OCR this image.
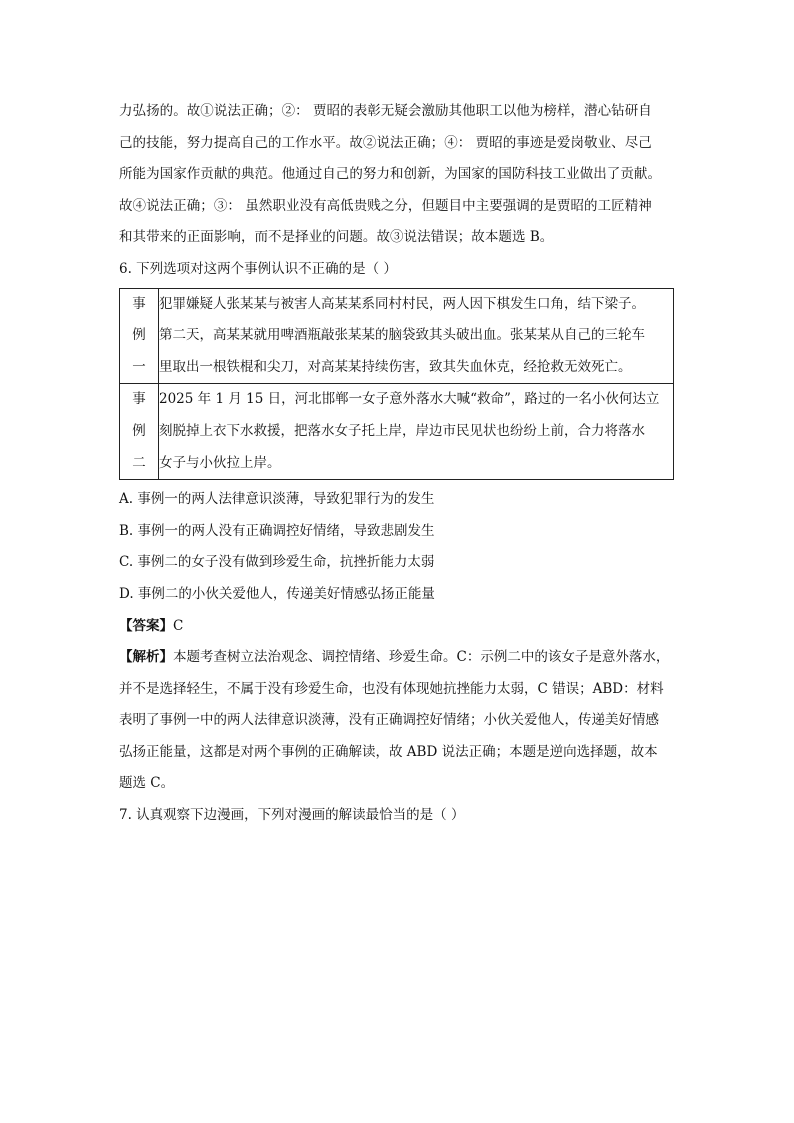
力弘扬的。故①说法正确；②： 贾昭的表彰无疑会激励其他职工以他为榜样，潜心钻研自

己的技能，努力提高自己的工作水平。故②说法正确；④： 贾昭的事迹是爱岗敬业、尽己

所能为国家作贡献的典范。他通过自己的努力和创新，为国家的国防科技工业做出了贡献。

故④说法正确；③： 虽然职业没有高低贵贱之分，但题目中主要强调的是贾昭的工匠精神

和其带来的正面影响，而不是择业的问题。故③说法错误；故本题选 B。

6. 下列选项对这两个事例认识不正确的是（ ）

事
例
一	犯罪嫌疑人张某某与被害人高某某系同村村民，两人因下棋发生口角，结下梁子。
第二天，高某某就用啤酒瓶敲张某某的脑袋致其头破出血。张某某从自己的三轮车
里取出一根铁棍和尖刀，对高某某持续伤害，致其失血休克，经抢救无效死亡。

事
例
二	2025 年 1 月 15 日，河北邯郸一女子意外落水大喊“救命”，路过的一名小伙何达立
刻脱掉上衣下水救援，把落水女子托上岸，岸边市民见状也纷纷上前，合力将落水
女子与小伙拉上岸。

A. 事例一的两人法律意识淡薄，导致犯罪行为的发生

B. 事例一的两人没有正确调控好情绪，导致悲剧发生

C. 事例二的女子没有做到珍爱生命，抗挫折能力太弱

D. 事例二的小伙关爱他人，传递美好情感弘扬正能量

【答案】C

【解析】本题考查树立法治观念、调控情绪、珍爱生命。C：示例二中的该女子是意外落水，

并不是选择轻生，不属于没有珍爱生命，也没有体现她抗挫能力太弱，C 错误；ABD：材料

表明了事例一中的两人法律意识淡薄，没有正确调控好情绪；小伙关爱他人，传递美好情感

弘扬正能量，这都是对两个事例的正确解读，故 ABD 说法正确；本题是逆向选择题，故本

题选 C。

7. 认真观察下边漫画，下列对漫画的解读最恰当的是（ ）
